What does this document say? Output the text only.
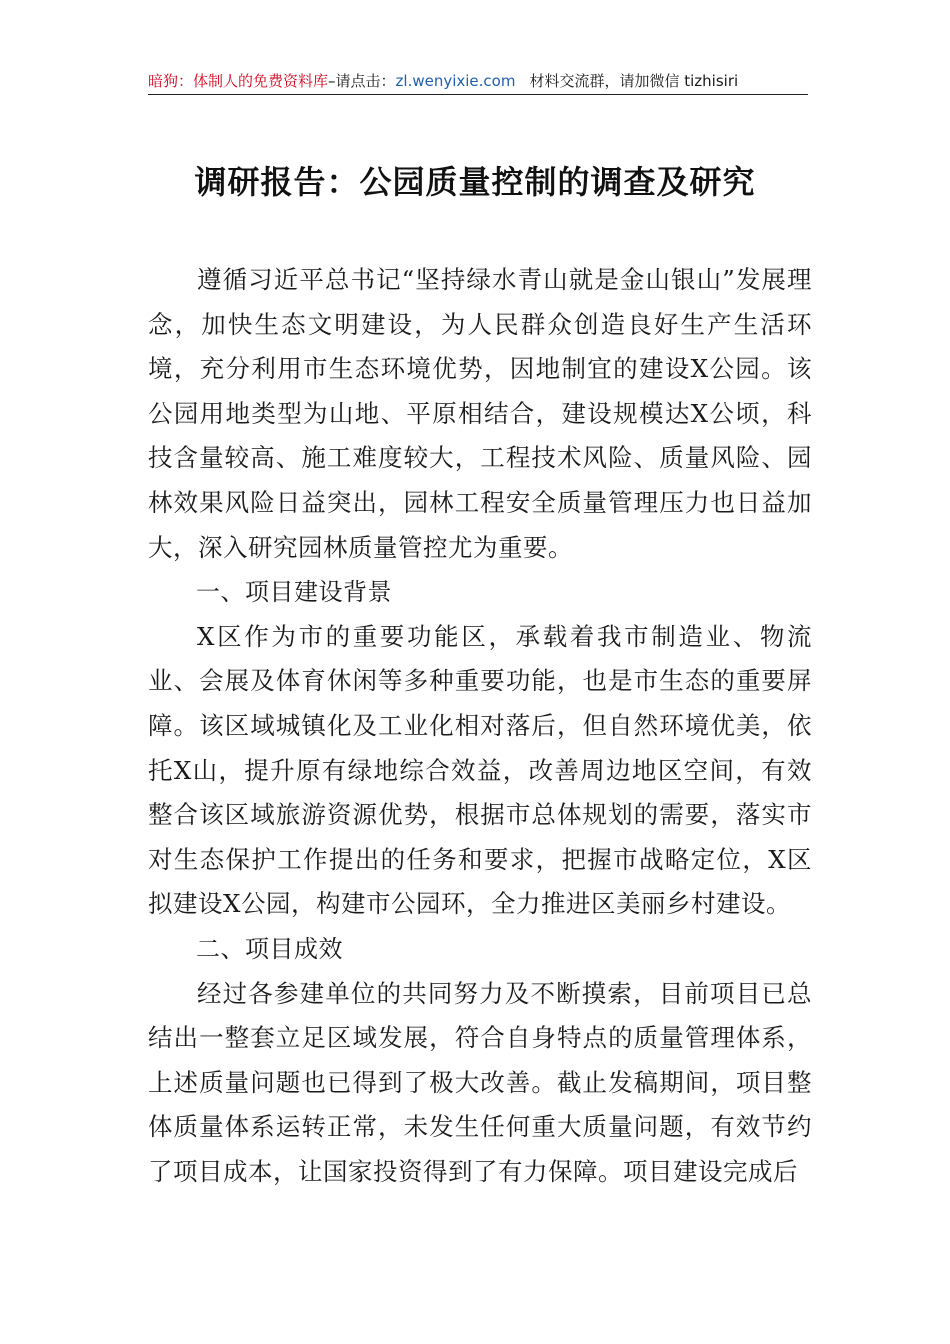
暗狗：体制人的免费资料库–请点击：zl.wenyixie.com 材料交流群，请加微信 tizhisiri
调研报告：公园质量控制的调查及研究

遵循习近平总书记“坚持绿水青山就是金山银山”发展理念，加快生态文明建设，为人民群众创造良好生产生活环境，充分利用市生态环境优势，因地制宜的建设X公园。该公园用地类型为山地、平原相结合，建设规模达X公顷，科技含量较高、施工难度较大，工程技术风险、质量风险、园林效果风险日益突出，园林工程安全质量管理压力也日益加大，深入研究园林质量管控尤为重要。

一、项目建设背景

X区作为市的重要功能区，承载着我市制造业、物流业、会展及体育休闲等多种重要功能，也是市生态的重要屏障。该区域城镇化及工业化相对落后，但自然环境优美，依托X山，提升原有绿地综合效益，改善周边地区空间，有效整合该区域旅游资源优势，根据市总体规划的需要，落实市对生态保护工作提出的任务和要求，把握市战略定位，X区拟建设X公园，构建市公园环，全力推进区美丽乡村建设。

二、项目成效

经过各参建单位的共同努力及不断摸索，目前项目已总结出一整套立足区域发展，符合自身特点的质量管理体系，上述质量问题也已得到了极大改善。截止发稿期间，项目整体质量体系运转正常，未发生任何重大质量问题，有效节约了项目成本，让国家投资得到了有力保障。项目建设完成后
